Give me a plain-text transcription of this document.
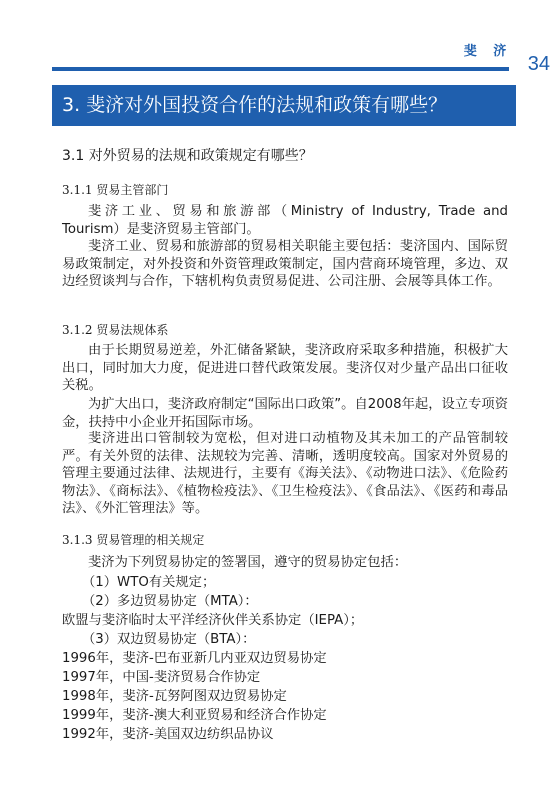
斐 济
34
3. 斐济对外国投资合作的法规和政策有哪些？
3.1 对外贸易的法规和政策规定有哪些？
3.1.1 贸易主管部门

斐济工业、贸易和旅游部（Ministry of Industry, Trade and Tourism）是斐济贸易主管部门。

斐济工业、贸易和旅游部的贸易相关职能主要包括：斐济国内、国际贸易政策制定，对外投资和外资管理政策制定，国内营商环境管理，多边、双边经贸谈判与合作，下辖机构负责贸易促进、公司注册、会展等具体工作。

3.1.2 贸易法规体系

由于长期贸易逆差，外汇储备紧缺，斐济政府采取多种措施，积极扩大出口，同时加大力度，促进进口替代政策发展。斐济仅对少量产品出口征收关税。

为扩大出口，斐济政府制定“国际出口政策”。自2008年起，设立专项资金，扶持中小企业开拓国际市场。

斐济进出口管制较为宽松，但对进口动植物及其未加工的产品管制较严。有关外贸的法律、法规较为完善、清晰，透明度较高。国家对外贸易的管理主要通过法律、法规进行，主要有《海关法》、《动物进口法》、《危险药物法》、《商标法》、《植物检疫法》、《卫生检疫法》、《食品法》、《医药和毒品法》、《外汇管理法》等。

3.1.3 贸易管理的相关规定

斐济为下列贸易协定的签署国，遵守的贸易协定包括：

（1）WTO有关规定；
（2）多边贸易协定（MTA）：
欧盟与斐济临时太平洋经济伙伴关系协定（IEPA）；
（3）双边贸易协定（BTA）：
1996年，斐济-巴布亚新几内亚双边贸易协定
1997年，中国-斐济贸易合作协定
1998年，斐济-瓦努阿图双边贸易协定
1999年，斐济-澳大利亚贸易和经济合作协定
1992年，斐济-美国双边纺织品协议
